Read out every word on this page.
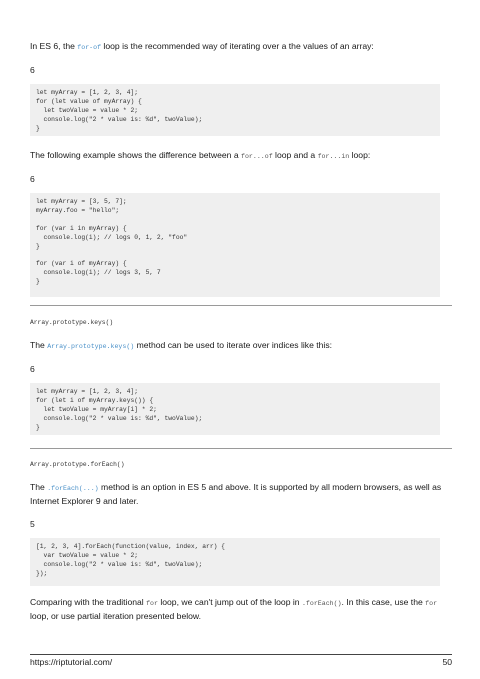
In ES 6, the for-of loop is the recommended way of iterating over a the values of an array:
6
let myArray = [1, 2, 3, 4];
for (let value of myArray) {
let twoValue = value * 2;
console.log("2 * value is: %d", twoValue);
}
The following example shows the difference between a for...of loop and a for...in loop:
6
let myArray = [3, 5, 7];
myArray.foo = "hello";

for (var i in myArray) {
console.log(i); // logs 0, 1, 2, "foo"
}

for (var i of myArray) {
console.log(i); // logs 3, 5, 7
}
Array.prototype.keys()
The Array.prototype.keys() method can be used to iterate over indices like this:
6
let myArray = [1, 2, 3, 4];
for (let i of myArray.keys()) {
let twoValue = myArray[i] * 2;
console.log("2 * value is: %d", twoValue);
}
Array.prototype.forEach()
The .forEach(...) method is an option in ES 5 and above. It is supported by all modern browsers, as well as Internet Explorer 9 and later.
5
[1, 2, 3, 4].forEach(function(value, index, arr) {
var twoValue = value * 2;
console.log("2 * value is: %d", twoValue);
});
Comparing with the traditional for loop, we can't jump out of the loop in .forEach(). In this case, use the for loop, or use partial iteration presented below.
https://riptutorial.com/	50
